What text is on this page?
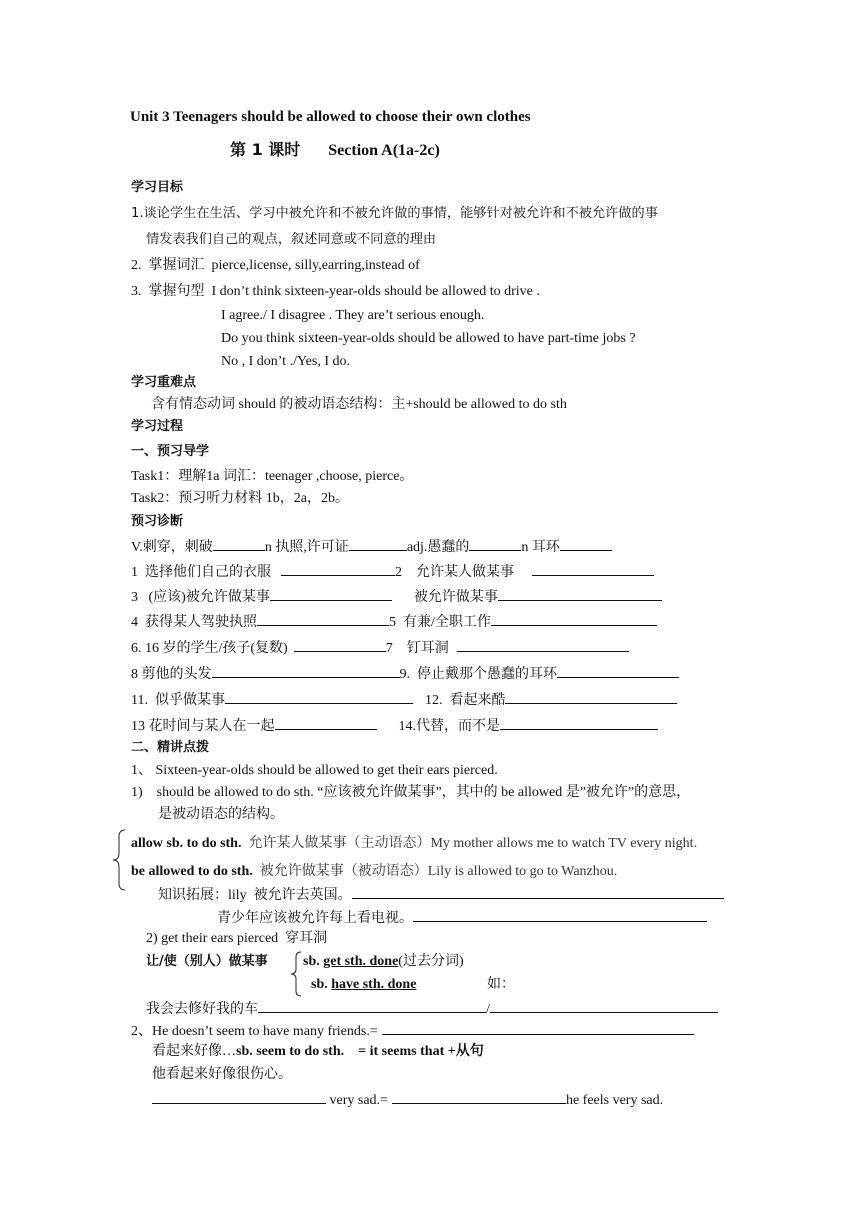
Unit 3 Teenagers should be allowed to choose their own clothes
第 1 课时 Section A(1a-2c)
学习目标
1.谈论学生在生活、学习中被允许和不被允许做的事情，能够针对被允许和不被允许做的事
情发表我们自己的观点，叙述同意或不同意的理由
2.  掌握词汇  pierce,license, silly,earring,instead of
3.  掌握句型  I don’t think sixteen-year-olds should be allowed to drive .
I agree./ I disagree . They are’t serious enough.
Do you think sixteen-year-olds should be allowed to have part-time jobs ?
No , I don’t ./Yes, I do.
学习重难点
含有情态动词 should 的被动语态结构：主+should be allowed to do sth
学习过程
一、预习导学
Task1：理解1a 词汇：teenager ,choose, pierce。
Task2：预习听力材料 1b，2a，2b。
预习诊断
V.刺穿，刺破	n 执照,许可证	adj.愚蠢的	n 耳环
1  选择他们自己的衣服	2    允许某人做某事
3   (应该)被允许做某事	被允许做某事
4  获得某人驾驶执照	5  有兼/全职工作
6. 16 岁的学生/孩子(复数)	7    钉耳洞
8 剪他的头发	9.  停止戴那个愚蠢的耳环
11.  似乎做某事	12.  看起来酷
13 花时间与某人在一起	14.代替，而不是
二、精讲点拨
1、 Sixteen-year-olds should be allowed to get their ears pierced.
1)    should be allowed to do sth. “应该被允许做某事”，其中的 be allowed 是”被允许”的意思，
是被动语态的结构。
allow sb. to do sth.  允许某人做某事（主动语态）My mother allows me to watch TV every night.
be allowed to do sth.  被允许做某事（被动语态）Lily is allowed to go to Wanzhou.
知识拓展：lily  被允许去英国。
青少年应该被允许每上看电视。
2) get their ears pierced  穿耳洞
让/使（别人）做某事	sb. get sth. done(过去分词)
sb. have sth. done	如：
我会去修好我的车	/
2、He doesn’t seem to have many friends.=
看起来好像…sb. seem to do sth.    = it seems that +从句
他看起来好像很伤心。
very sad.=	he feels very sad.
